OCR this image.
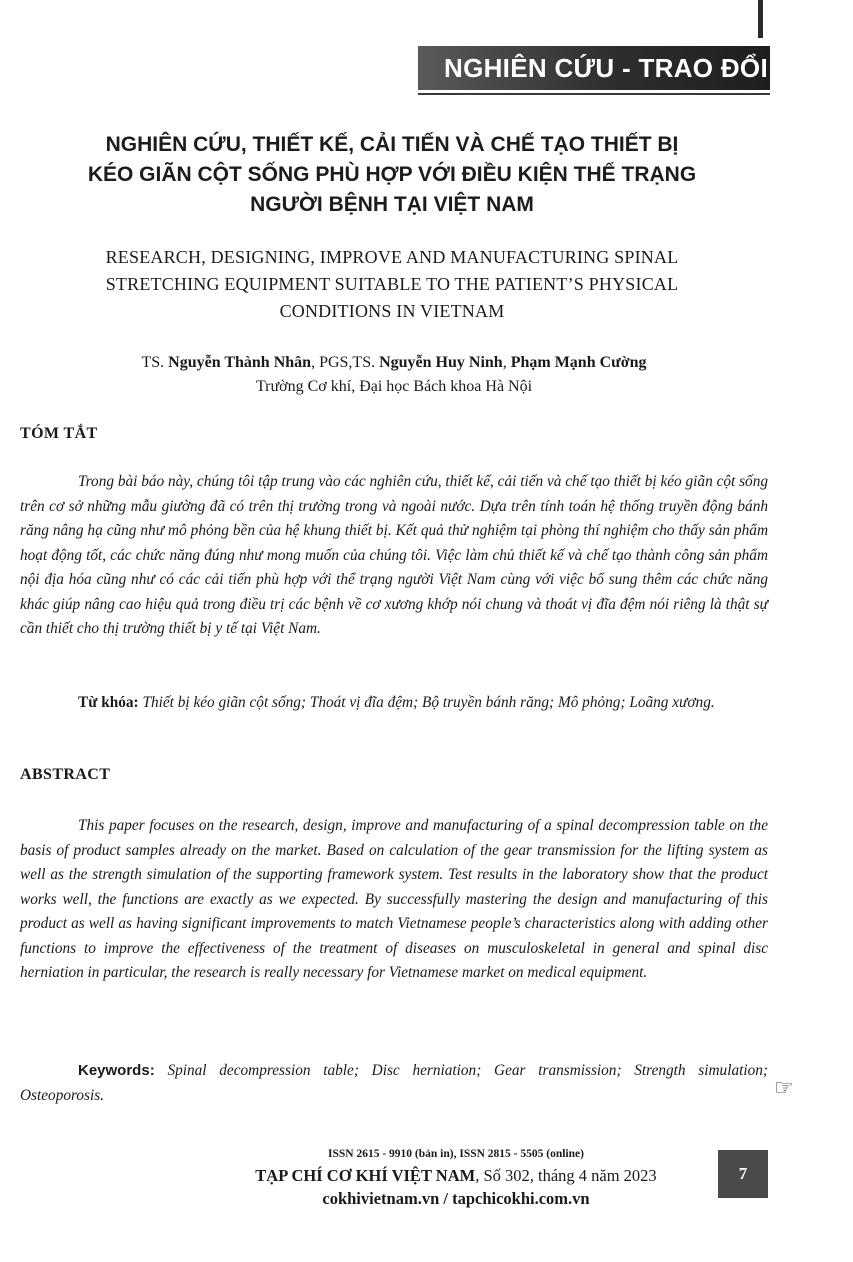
NGHIÊN CỨU - TRAO ĐỔI
NGHIÊN CỨU, THIẾT KẾ, CẢI TIẾN VÀ CHẾ TẠO THIẾT BỊ
KÉO GIÃN CỘT SỐNG PHÙ HỢP VỚI ĐIỀU KIỆN THỂ TRẠNG
NGƯỜI BỆNH TẠI VIỆT NAM
RESEARCH, DESIGNING, IMPROVE AND MANUFACTURING SPINAL
STRETCHING EQUIPMENT SUITABLE TO THE PATIENT’S PHYSICAL
CONDITIONS IN VIETNAM
TS. Nguyễn Thành Nhân, PGS,TS. Nguyễn Huy Ninh, Phạm Mạnh Cường
Trường Cơ khí, Đại học Bách khoa Hà Nội
TÓM TẮT

Trong bài báo này, chúng tôi tập trung vào các nghiên cứu, thiết kế, cải tiến và chế tạo thiết bị kéo giãn cột sống trên cơ sở những mẫu giường đã có trên thị trường trong và ngoài nước. Dựa trên tính toán hệ thống truyền động bánh răng nâng hạ cũng như mô phỏng bền của hệ khung thiết bị. Kết quả thử nghiệm tại phòng thí nghiệm cho thấy sản phẩm hoạt động tốt, các chức năng đúng như mong muốn của chúng tôi. Việc làm chủ thiết kế và chế tạo thành công sản phẩm nội địa hóa cũng như có các cải tiến phù hợp với thể trạng người Việt Nam cùng với việc bổ sung thêm các chức năng khác giúp nâng cao hiệu quả trong điều trị các bệnh về cơ xương khớp nói chung và thoát vị đĩa đệm nói riêng là thật sự cần thiết cho thị trường thiết bị y tế tại Việt Nam.

Từ khóa: Thiết bị kéo giãn cột sống; Thoát vị đĩa đệm; Bộ truyền bánh răng; Mô phỏng; Loãng xương.

ABSTRACT

This paper focuses on the research, design, improve and manufacturing of a spinal decompression table on the basis of product samples already on the market. Based on calculation of the gear transmission for the lifting system as well as the strength simulation of the supporting framework system. Test results in the laboratory show that the product works well, the functions are exactly as we expected. By successfully mastering the design and manufacturing of this product as well as having significant improvements to match Vietnamese people’s characteristics along with adding other functions to improve the effectiveness of the treatment of diseases on musculoskeletal in general and spinal disc herniation in particular, the research is really necessary for Vietnamese market on medical equipment.

Keywords: Spinal decompression table; Disc herniation; Gear transmission; Strength simulation; Osteoporosis.	☞
ISSN 2615 - 9910 (bản in), ISSN 2815 - 5505 (online)
TẠP CHÍ CƠ KHÍ VIỆT NAM, Số 302, tháng 4 năm 2023
cokhivietnam.vn / tapchicokhi.com.vn
7
